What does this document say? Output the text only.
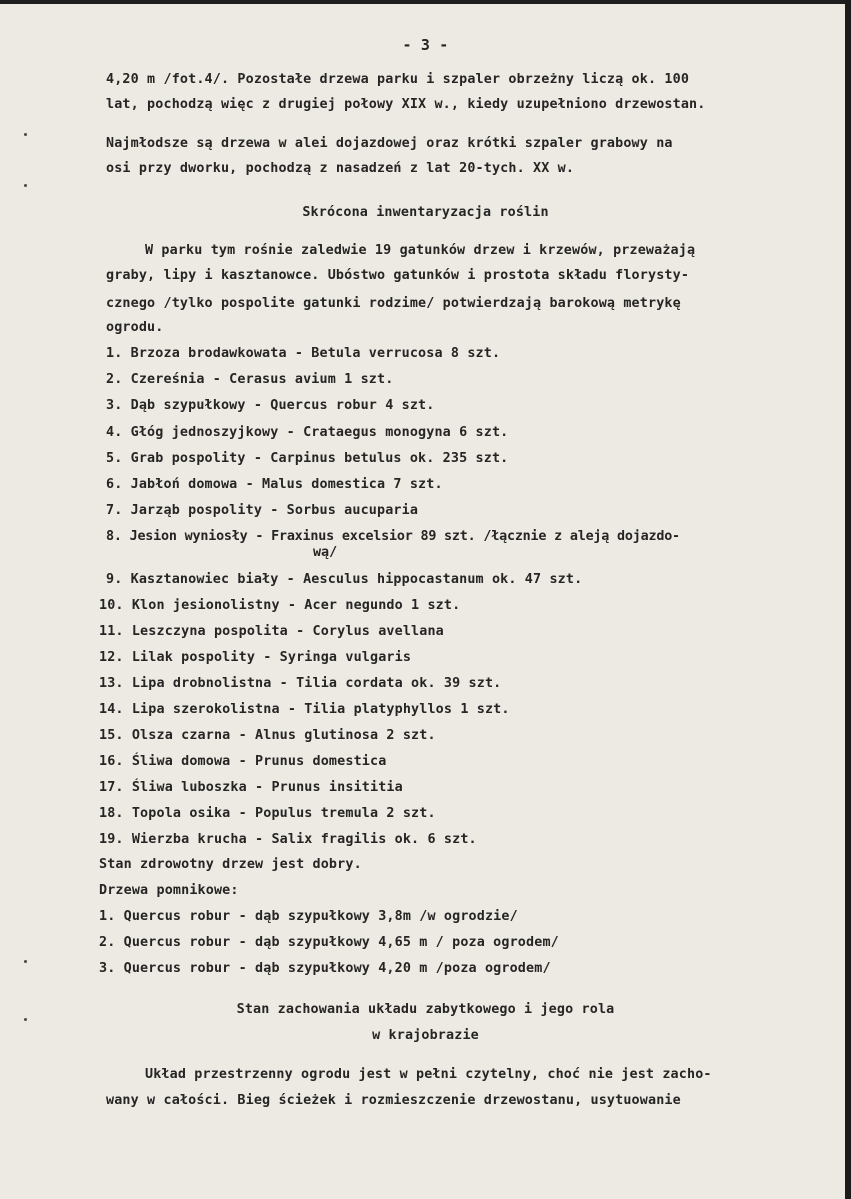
- 3 -
4,20 m /fot.4/. Pozostałe drzewa parku i szpaler obrzeżny liczą ok. 100
lat, pochodzą więc z drugiej połowy XIX w., kiedy uzupełniono drzewostan.
Najmłodsze są drzewa w alei dojazdowej oraz krótki szpaler grabowy na
osi przy dworku, pochodzą z nasadzeń z lat 20-tych. XX w.
Skrócona inwentaryzacja roślin
W parku tym rośnie zaledwie 19 gatunków drzew i krzewów, przeważają
graby, lipy i kasztanowce. Ubóstwo gatunków i prostota składu florysty-
cznego /tylko pospolite gatunki rodzime/ potwierdzają barokową metrykę
ogrodu.
1. Brzoza brodawkowata - Betula verrucosa 8 szt.
2. Czereśnia - Cerasus avium 1 szt.
3. Dąb szypułkowy - Quercus robur 4 szt.
4. Głóg jednoszyjkowy - Crataegus monogyna 6 szt.
5. Grab pospolity - Carpinus betulus ok. 235 szt.
6. Jabłoń domowa - Malus domestica 7 szt.
7. Jarząb pospolity - Sorbus aucuparia
8. Jesion wyniosły - Fraxinus excelsior 89 szt. /łącznie z aleją dojazdo-
wą/
9. Kasztanowiec biały - Aesculus hippocastanum ok. 47 szt.
10. Klon jesionolistny - Acer negundo 1 szt.
11. Leszczyna pospolita - Corylus avellana
12. Lilak pospolity - Syringa vulgaris
13. Lipa drobnolistna - Tilia cordata ok. 39 szt.
14. Lipa szerokolistna - Tilia platyphyllos 1 szt.
15. Olsza czarna - Alnus glutinosa 2 szt.
16. Śliwa domowa - Prunus domestica
17. Śliwa luboszka - Prunus insititia
18. Topola osika - Populus tremula 2 szt.
19. Wierzba krucha - Salix fragilis ok. 6 szt.
Stan zdrowotny drzew jest dobry.
Drzewa pomnikowe:
1. Quercus robur - dąb szypułkowy 3,8m /w ogrodzie/
2. Quercus robur - dąb szypułkowy 4,65 m / poza ogrodem/
3. Quercus robur - dąb szypułkowy 4,20 m /poza ogrodem/
Stan zachowania układu zabytkowego i jego rola
w krajobrazie
Układ przestrzenny ogrodu jest w pełni czytelny, choć nie jest zacho-
wany w całości. Bieg ścieżek i rozmieszczenie drzewostanu, usytuowanie
